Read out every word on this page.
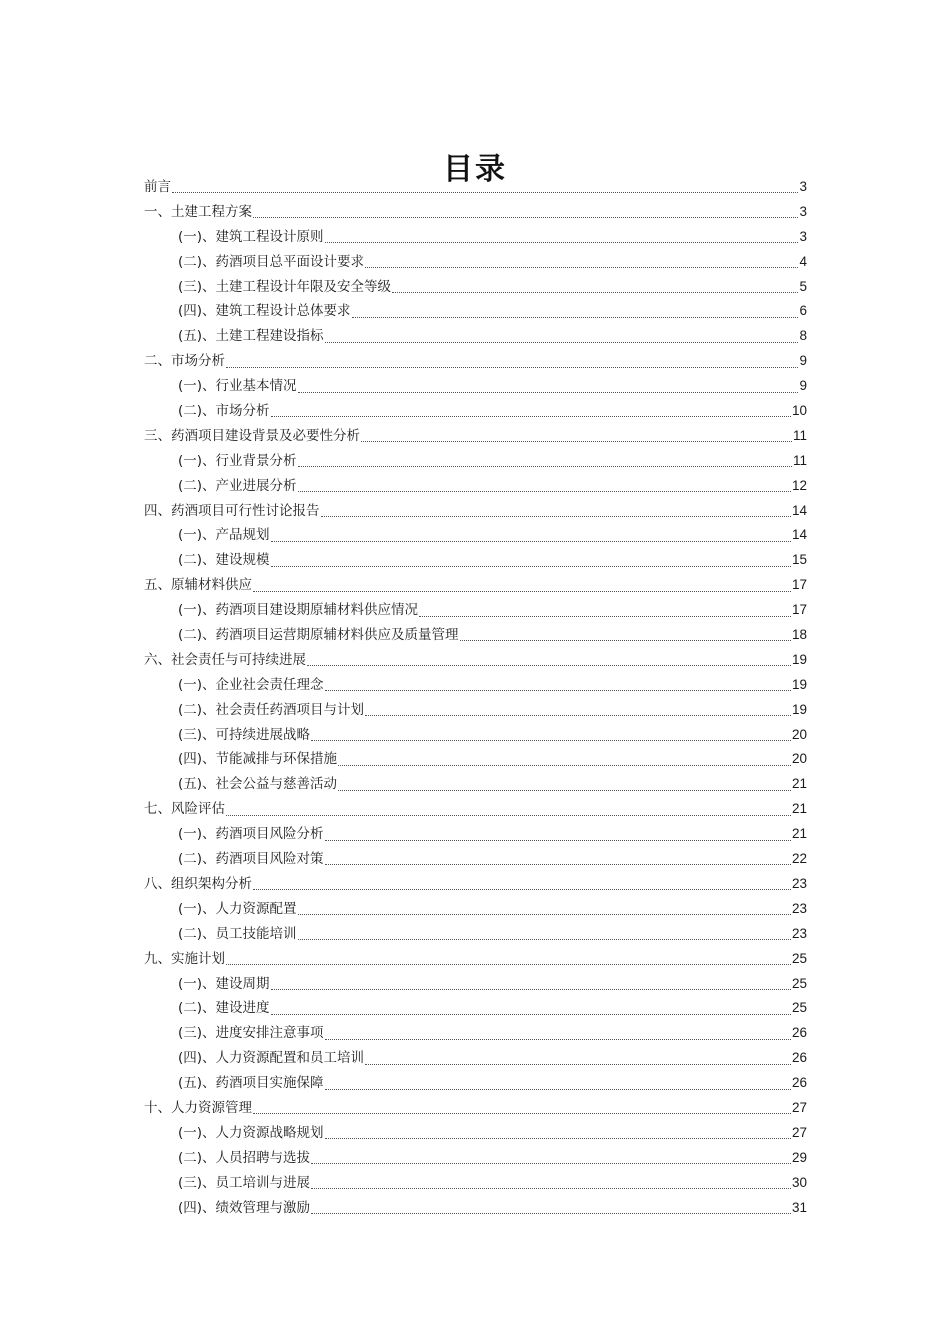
目录
前言	3
一、土建工程方案	3
(一)、建筑工程设计原则	3
(二)、药酒项目总平面设计要求	4
(三)、土建工程设计年限及安全等级	5
(四)、建筑工程设计总体要求	6
(五)、土建工程建设指标	8
二、市场分析	9
(一)、行业基本情况	9
(二)、市场分析	10
三、药酒项目建设背景及必要性分析	11
(一)、行业背景分析	11
(二)、产业进展分析	12
四、药酒项目可行性讨论报告	14
(一)、产品规划	14
(二)、建设规模	15
五、原辅材料供应	17
(一)、药酒项目建设期原辅材料供应情况	17
(二)、药酒项目运营期原辅材料供应及质量管理	18
六、社会责任与可持续进展	19
(一)、企业社会责任理念	19
(二)、社会责任药酒项目与计划	19
(三)、可持续进展战略	20
(四)、节能减排与环保措施	20
(五)、社会公益与慈善活动	21
七、风险评估	21
(一)、药酒项目风险分析	21
(二)、药酒项目风险对策	22
八、组织架构分析	23
(一)、人力资源配置	23
(二)、员工技能培训	23
九、实施计划	25
(一)、建设周期	25
(二)、建设进度	25
(三)、进度安排注意事项	26
(四)、人力资源配置和员工培训	26
(五)、药酒项目实施保障	26
十、人力资源管理	27
(一)、人力资源战略规划	27
(二)、人员招聘与选拔	29
(三)、员工培训与进展	30
(四)、绩效管理与激励	31
